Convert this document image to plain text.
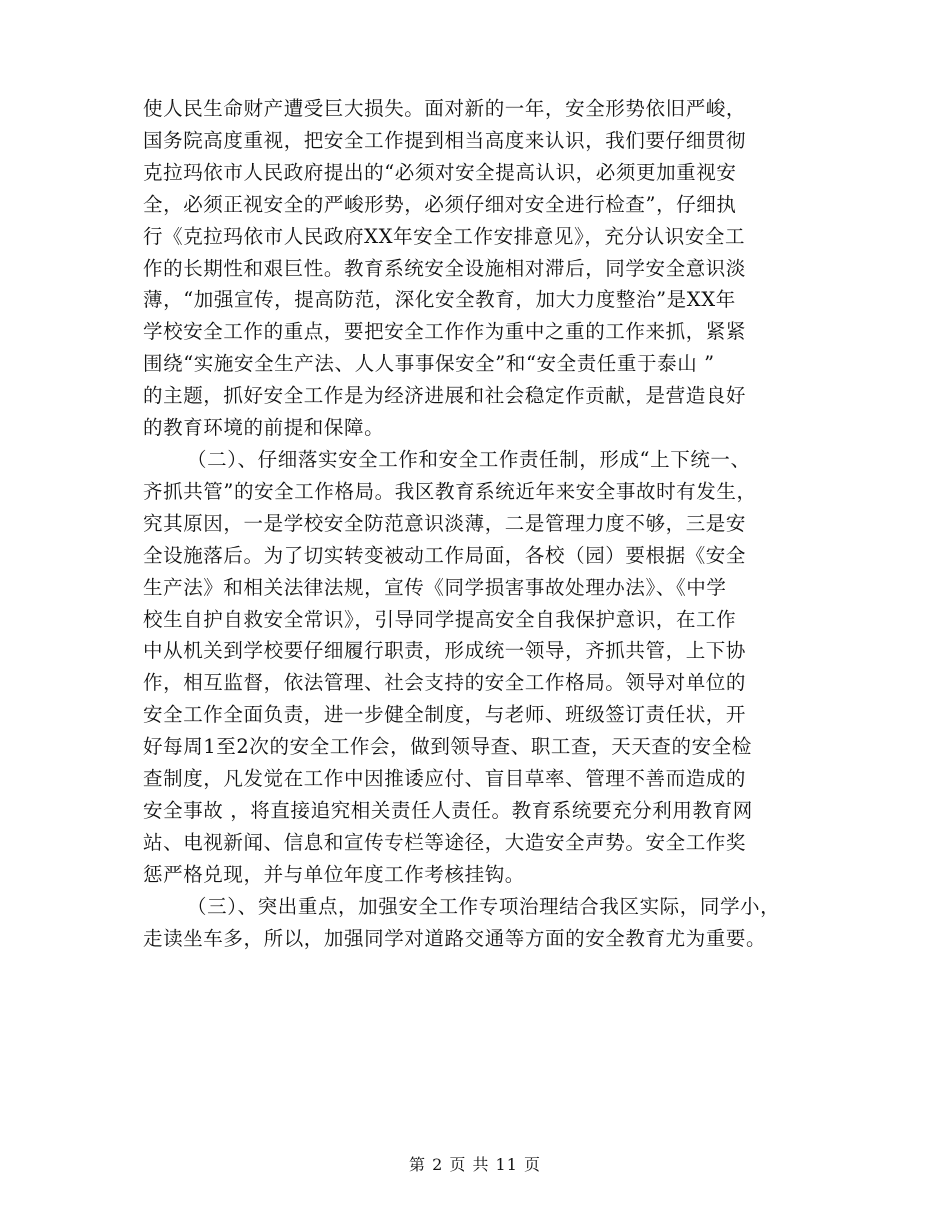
使人民生命财产遭受巨大损失。面对新的一年，安全形势依旧严峻，
国务院高度重视，把安全工作提到相当高度来认识，我们要仔细贯彻
克拉玛依市人民政府提出的“必须对安全提高认识，必须更加重视安
全，必须正视安全的严峻形势，必须仔细对安全进行检查”，仔细执
行《克拉玛依市人民政府XX年安全工作安排意见》，充分认识安全工
作的长期性和艰巨性。教育系统安全设施相对滞后，同学安全意识淡
薄，“加强宣传，提高防范，深化安全教育，加大力度整治”是XX年
学校安全工作的重点，要把安全工作作为重中之重的工作来抓，紧紧
围绕“实施安全生产法、人人事事保安全”和“安全责任重于泰山 ”
的主题，抓好安全工作是为经济进展和社会稳定作贡献，是营造良好
的教育环境的前提和保障。

（二）、仔细落实安全工作和安全工作责任制，形成“上下统一、
齐抓共管”的安全工作格局。我区教育系统近年来安全事故时有发生，
究其原因，一是学校安全防范意识淡薄，二是管理力度不够，三是安
全设施落后。为了切实转变被动工作局面，各校（园）要根据《安全
生产法》和相关法律法规，宣传《同学损害事故处理办法》、《中学
校生自护自救安全常识》，引导同学提高安全自我保护意识，在工作
中从机关到学校要仔细履行职责，形成统一领导，齐抓共管，上下协
作，相互监督，依法管理、社会支持的安全工作格局。领导对单位的
安全工作全面负责，进一步健全制度，与老师、班级签订责任状，开
好每周1至2次的安全工作会，做到领导查、职工查，天天查的安全检
查制度，凡发觉在工作中因推诿应付、盲目草率、管理不善而造成的
安全事故 ，将直接追究相关责任人责任。教育系统要充分利用教育网
站、电视新闻、信息和宣传专栏等途径，大造安全声势。安全工作奖
惩严格兑现，并与单位年度工作考核挂钩。

（三）、突出重点，加强安全工作专项治理结合我区实际，同学小，
走读坐车多，所以，加强同学对道路交通等方面的安全教育尤为重要。

第 2 页 共 11 页
